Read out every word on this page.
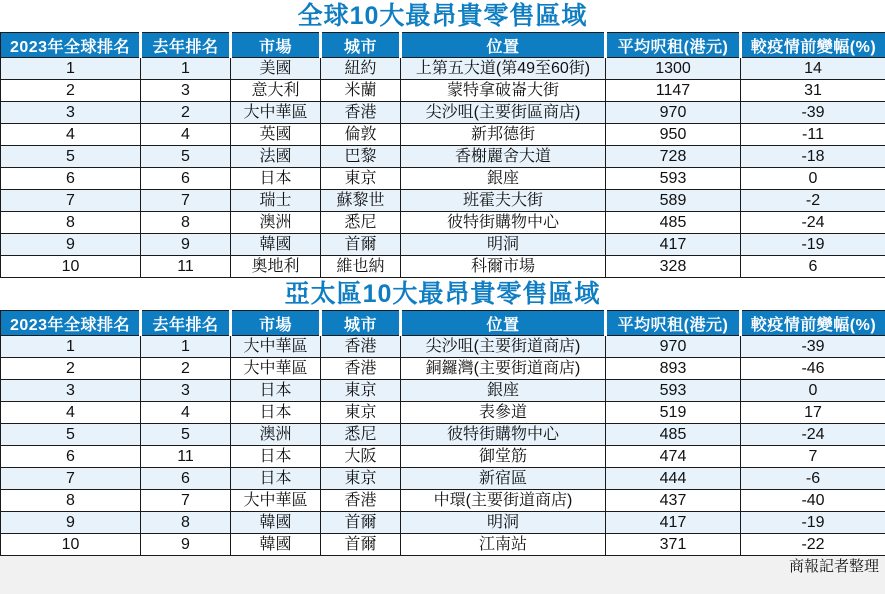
全球10大最昂貴零售區域
2023年全球排名	去年排名	市場	城市	位置	平均呎租(港元)	較疫情前變幅(%)
1	1	美國	紐約	上第五大道(第49至60街)	1300	14
2	3	意大利	米蘭	蒙特拿破崙大街	1147	31
3	2	大中華區	香港	尖沙咀(主要街區商店)	970	-39
4	4	英國	倫敦	新邦德街	950	-11
5	5	法國	巴黎	香榭麗舍大道	728	-18
6	6	日本	東京	銀座	593	0
7	7	瑞士	蘇黎世	班霍夫大街	589	-2
8	8	澳洲	悉尼	彼特街購物中心	485	-24
9	9	韓國	首爾	明洞	417	-19
10	11	奧地利	維也納	科爾市場	328	6
亞太區10大最昂貴零售區域
2023年全球排名	去年排名	市場	城市	位置	平均呎租(港元)	較疫情前變幅(%)
1	1	大中華區	香港	尖沙咀(主要街道商店)	970	-39
2	2	大中華區	香港	銅鑼灣(主要街道商店)	893	-46
3	3	日本	東京	銀座	593	0
4	4	日本	東京	表參道	519	17
5	5	澳洲	悉尼	彼特街購物中心	485	-24
6	11	日本	大阪	御堂筋	474	7
7	6	日本	東京	新宿區	444	-6
8	7	大中華區	香港	中環(主要街道商店)	437	-40
9	8	韓國	首爾	明洞	417	-19
10	9	韓國	首爾	江南站	371	-22
商報記者整理
